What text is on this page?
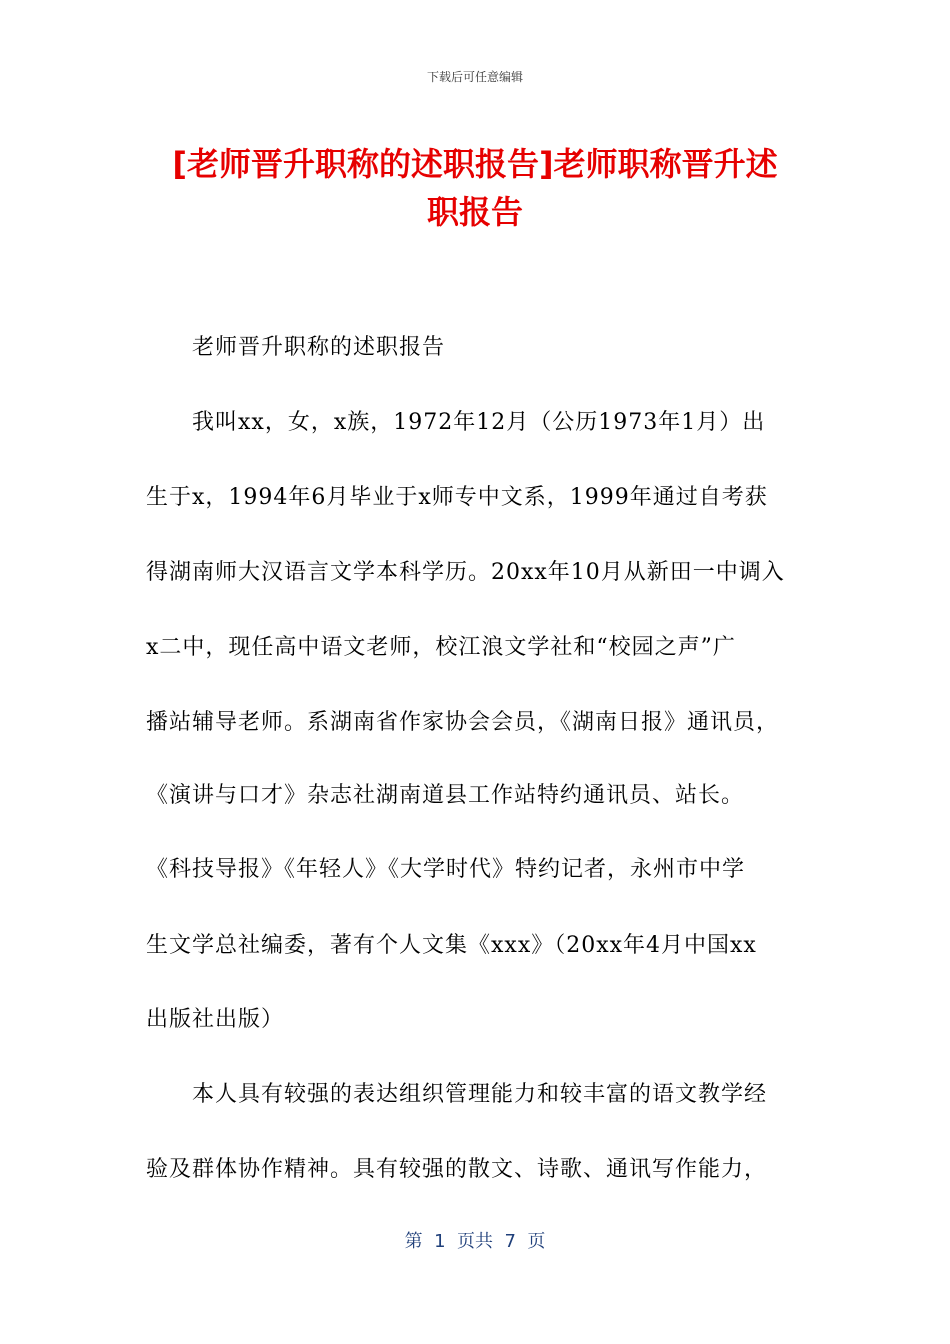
下载后可任意编辑
[老师晋升职称的述职报告]老师职称晋升述
职报告
　　老师晋升职称的述职报告
　　我叫xx，女，x族，1972年12月（公历1973年1月）出
生于x，1994年6月毕业于x师专中文系，1999年通过自考获
得湖南师大汉语言文学本科学历。20xx年10月从新田一中调入
x二中，现任高中语文老师，校江浪文学社和“校园之声”广
播站辅导老师。系湖南省作家协会会员，《湖南日报》通讯员，
《演讲与口才》杂志社湖南道县工作站特约通讯员、站长。
《科技导报》《年轻人》《大学时代》特约记者，永州市中学
生文学总社编委，著有个人文集《xxx》（20xx年4月中国xx
出版社出版）
　　本人具有较强的表达组织管理能力和较丰富的语文教学经
验及群体协作精神。具有较强的散文、诗歌、通讯写作能力，
第  1  页共  7  页
